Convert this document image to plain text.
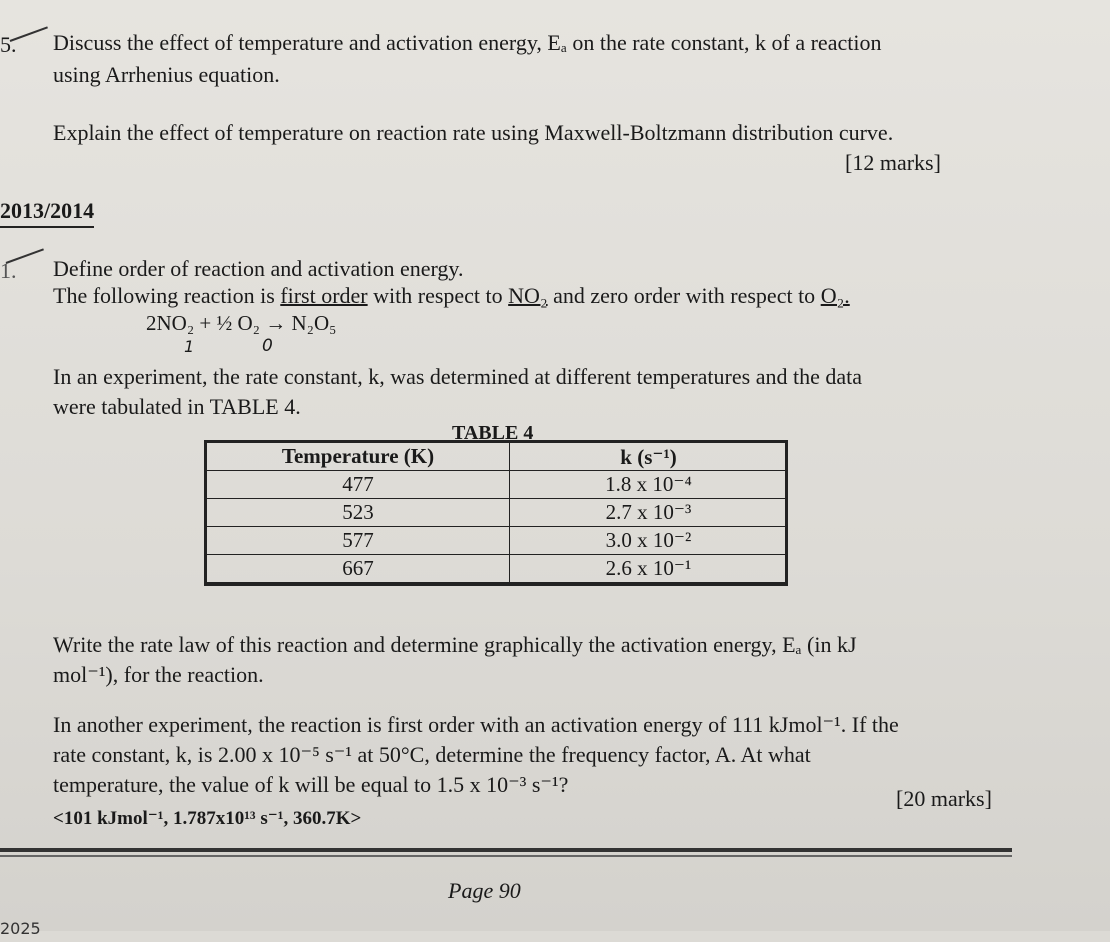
5. Discuss the effect of temperature and activation energy, Eₐ on the rate constant, k of a reaction
using Arrhenius equation.
Explain the effect of temperature on reaction rate using Maxwell-Boltzmann distribution curve.
[12 marks]
2013/2014
1. Define order of reaction and activation energy.
The following reaction is first order with respect to NO₂ and zero order with respect to O₂.
2NO₂ + ½ O₂ → N₂O₅
1	0
In an experiment, the rate constant, k, was determined at different temperatures and the data
were tabulated in TABLE 4.
TABLE 4
Temperature (K)	k (s⁻¹)
477	1.8 x 10⁻⁴
523	2.7 x 10⁻³
577	3.0 x 10⁻²
667	2.6 x 10⁻¹
Write the rate law of this reaction and determine graphically the activation energy, Eₐ (in kJ
mol⁻¹), for the reaction.
In another experiment, the reaction is first order with an activation energy of 111 kJmol⁻¹. If the
rate constant, k, is 2.00 x 10⁻⁵ s⁻¹ at 50°C, determine the frequency factor, A. At what
temperature, the value of k will be equal to 1.5 x 10⁻³ s⁻¹?
[20 marks]
<101 kJmol⁻¹, 1.787x10¹³ s⁻¹, 360.7K>
Page 90
2025
